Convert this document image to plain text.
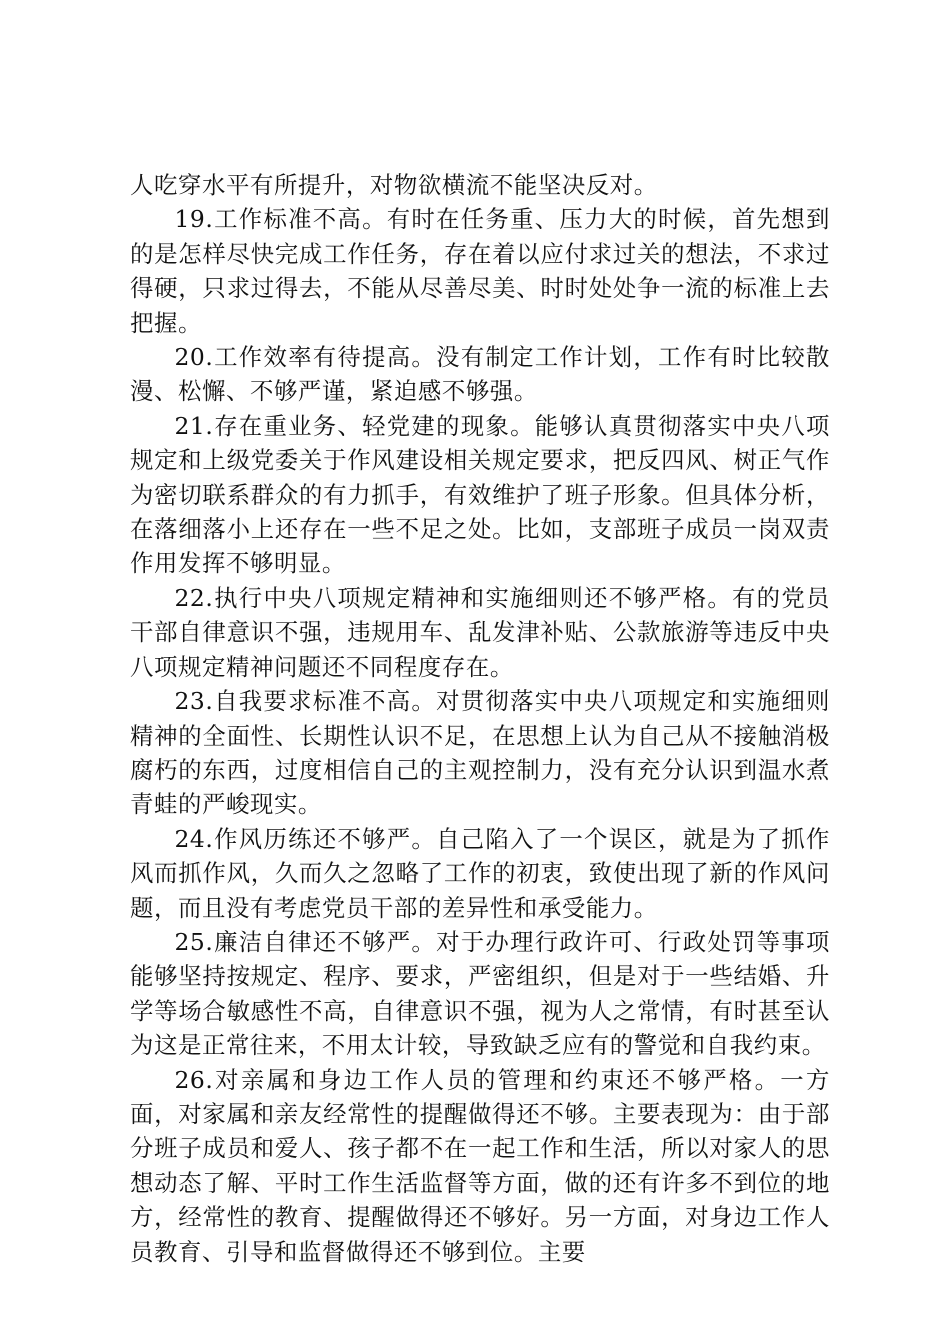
人吃穿水平有所提升，对物欲横流不能坚决反对。

19.工作标准不高。有时在任务重、压力大的时候，首先想到的是怎样尽快完成工作任务，存在着以应付求过关的想法，不求过得硬，只求过得去，不能从尽善尽美、时时处处争一流的标准上去把握。

20.工作效率有待提高。没有制定工作计划，工作有时比较散漫、松懈、不够严谨，紧迫感不够强。

21.存在重业务、轻党建的现象。能够认真贯彻落实中央八项规定和上级党委关于作风建设相关规定要求，把反四风、树正气作为密切联系群众的有力抓手，有效维护了班子形象。但具体分析，在落细落小上还存在一些不足之处。比如，支部班子成员一岗双责作用发挥不够明显。

22.执行中央八项规定精神和实施细则还不够严格。有的党员干部自律意识不强，违规用车、乱发津补贴、公款旅游等违反中央八项规定精神问题还不同程度存在。

23.自我要求标准不高。对贯彻落实中央八项规定和实施细则精神的全面性、长期性认识不足，在思想上认为自己从不接触消极腐朽的东西，过度相信自己的主观控制力，没有充分认识到温水煮青蛙的严峻现实。

24.作风历练还不够严。自己陷入了一个误区，就是为了抓作风而抓作风，久而久之忽略了工作的初衷，致使出现了新的作风问题，而且没有考虑党员干部的差异性和承受能力。

25.廉洁自律还不够严。对于办理行政许可、行政处罚等事项能够坚持按规定、程序、要求，严密组织，但是对于一些结婚、升学等场合敏感性不高，自律意识不强，视为人之常情，有时甚至认为这是正常往来，不用太计较，导致缺乏应有的警觉和自我约束。

26.对亲属和身边工作人员的管理和约束还不够严格。一方面，对家属和亲友经常性的提醒做得还不够。主要表现为：由于部分班子成员和爱人、孩子都不在一起工作和生活，所以对家人的思想动态了解、平时工作生活监督等方面，做的还有许多不到位的地方，经常性的教育、提醒做得还不够好。另一方面，对身边工作人员教育、引导和监督做得还不够到位。主要
